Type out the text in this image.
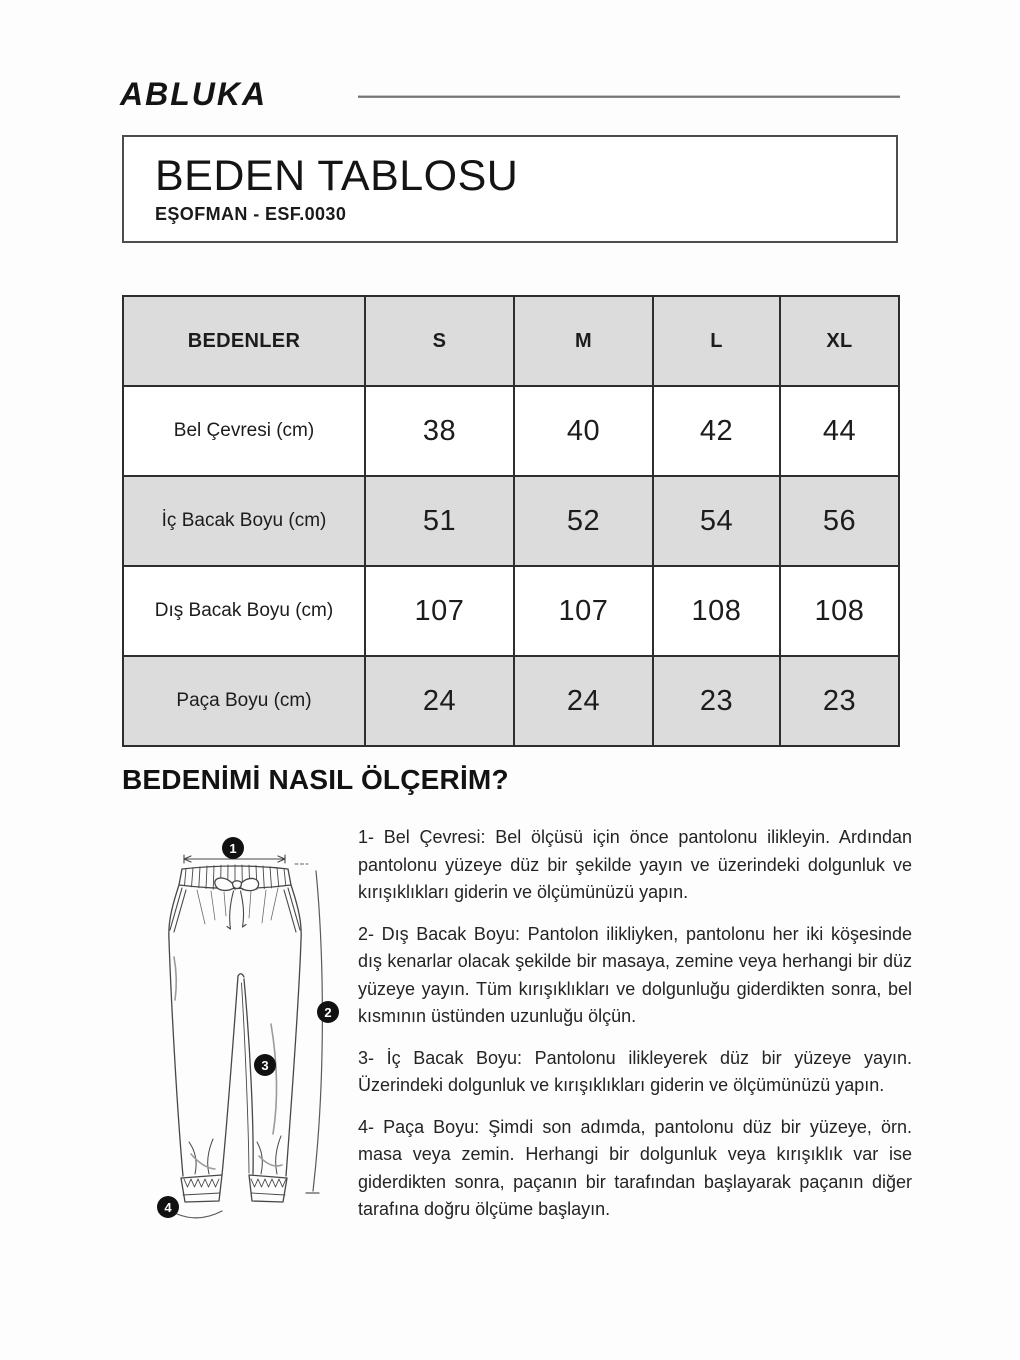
ABLUKA
BEDEN TABLOSU
EŞOFMAN - ESF.0030
BEDENLER	S	M	L	XL
Bel Çevresi (cm)	38	40	42	44
İç Bacak Boyu (cm)	51	52	54	56
Dış Bacak Boyu (cm)	107	107	108	108
Paça Boyu (cm)	24	24	23	23
BEDENİMİ NASIL ÖLÇERİM?
1
2
3
4

1- Bel Çevresi: Bel ölçüsü için önce pantolonu ilikleyin. Ardından pantolonu yüzeye düz bir şekilde yayın ve üzerindeki dolgunluk ve kırışıklıkları giderin ve ölçümünüzü yapın.

2- Dış Bacak Boyu: Pantolon ilikliyken, pantolonu her iki köşesinde dış kenarlar olacak şekilde bir masaya, zemine veya herhangi bir düz yüzeye yayın. Tüm kırışıklıkları ve dolgunluğu giderdikten sonra, bel kısmının üstünden uzunluğu ölçün.

3- İç Bacak Boyu: Pantolonu ilikleyerek düz bir yüzeye yayın. Üzerindeki dolgunluk ve kırışıklıkları giderin ve ölçümünüzü yapın.

4- Paça Boyu: Şimdi son adımda, pantolonu düz bir yüzeye, örn. masa veya zemin. Herhangi bir dolgunluk veya kırışıklık var ise giderdikten sonra, paçanın bir tarafından başlayarak paçanın diğer tarafına doğru ölçüme başlayın.
